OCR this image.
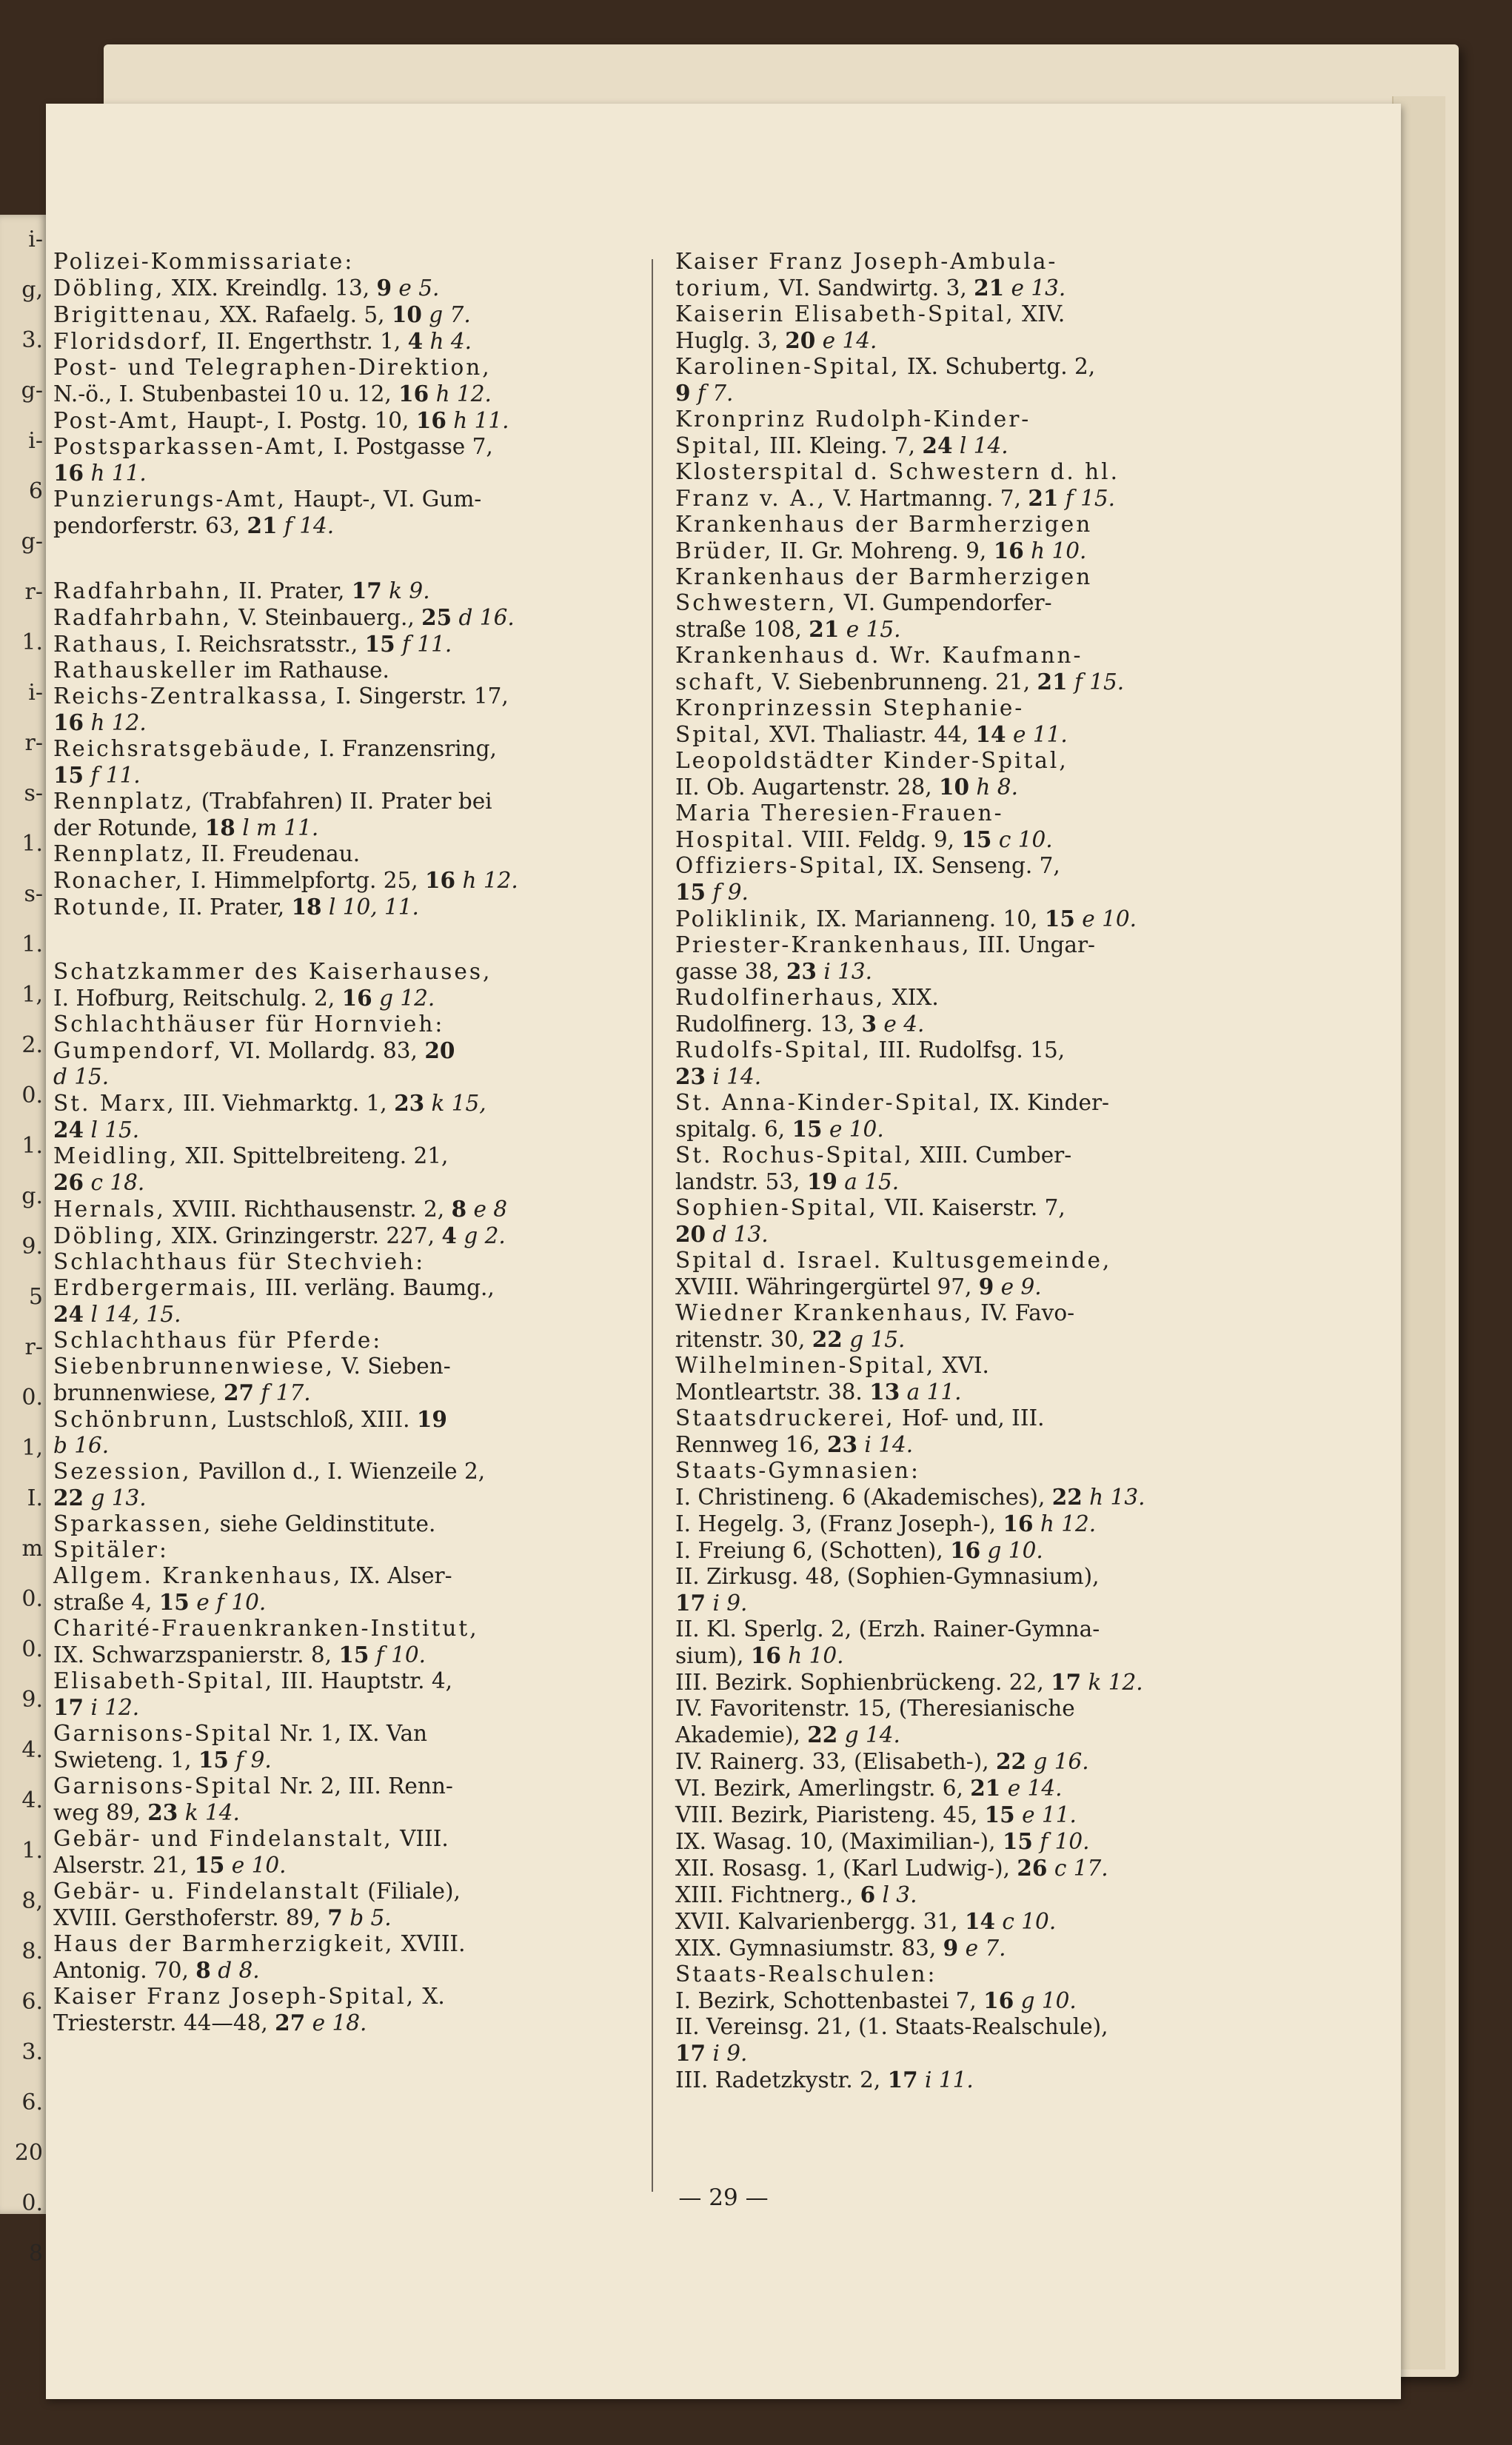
i-
g,
3.
g-
i-
6
g-
r-
1.
i-
r-
s-
1.
s-
1.
1,
2.
0.
1.
g.
9.
5
r-
0.
1,
I.
m
0.
0.
9.
4.
4.
1.
8,
8.
6.
3.
6.
20
0.
8
Polizei-Kommissariate:
Döbling, XIX. Kreindlg. 13, 9 e 5.
Brigittenau, XX. Rafaelg. 5, 10 g 7.
Floridsdorf, II. Engerthstr. 1, 4 h 4.
Post- und Telegraphen-Direktion,
N.-ö., I. Stubenbastei 10 u. 12, 16 h 12.
Post-Amt, Haupt-, I. Postg. 10, 16 h 11.
Postsparkassen-Amt, I. Postgasse 7,
16 h 11.
Punzierungs-Amt, Haupt-, VI. Gum-
pendorferstr. 63, 21 f 14.
Radfahrbahn, II. Prater, 17 k 9.
Radfahrbahn, V. Steinbauerg., 25 d 16.
Rathaus, I. Reichsratsstr., 15 f 11.
Rathauskeller im Rathause.
Reichs-Zentralkassa, I. Singerstr. 17,
16 h 12.
Reichsratsgebäude, I. Franzensring,
15 f 11.
Rennplatz, (Trabfahren) II. Prater bei
der Rotunde, 18 l m 11.
Rennplatz, II. Freudenau.
Ronacher, I. Himmelpfortg. 25, 16 h 12.
Rotunde, II. Prater, 18 l 10, 11.
Schatzkammer des Kaiserhauses,
I. Hofburg, Reitschulg. 2, 16 g 12.
Schlachthäuser für Hornvieh:
Gumpendorf, VI. Mollardg. 83, 20
d 15.
St. Marx, III. Viehmarktg. 1, 23 k 15,
24 l 15.
Meidling, XII. Spittelbreiteng. 21,
26 c 18.
Hernals, XVIII. Richthausenstr. 2, 8 e 8
Döbling, XIX. Grinzingerstr. 227, 4 g 2.
Schlachthaus für Stechvieh:
Erdbergermais, III. verläng. Baumg.,
24 l 14, 15.
Schlachthaus für Pferde:
Siebenbrunnenwiese, V. Sieben-
brunnenwiese, 27 f 17.
Schönbrunn, Lustschloß, XIII. 19
b 16.
Sezession, Pavillon d., I. Wienzeile 2,
22 g 13.
Sparkassen, siehe Geldinstitute.
Spitäler:
Allgem. Krankenhaus, IX. Alser-
straße 4, 15 e f 10.
Charité-Frauenkranken-Institut,
IX. Schwarzspanierstr. 8, 15 f 10.
Elisabeth-Spital, III. Hauptstr. 4,
17 i 12.
Garnisons-Spital Nr. 1, IX. Van
Swieteng. 1, 15 f 9.
Garnisons-Spital Nr. 2, III. Renn-
weg 89, 23 k 14.
Gebär- und Findelanstalt, VIII.
Alserstr. 21, 15 e 10.
Gebär- u. Findelanstalt (Filiale),
XVIII. Gersthoferstr. 89, 7 b 5.
Haus der Barmherzigkeit, XVIII.
Antonig. 70, 8 d 8.
Kaiser Franz Joseph-Spital, X.
Triesterstr. 44—48, 27 e 18.
Kaiser Franz Joseph-Ambula-
torium, VI. Sandwirtg. 3, 21 e 13.
Kaiserin Elisabeth-Spital, XIV.
Huglg. 3, 20 e 14.
Karolinen-Spital, IX. Schubertg. 2,
9 f 7.
Kronprinz Rudolph-Kinder-
Spital, III. Kleing. 7, 24 l 14.
Klosterspital d. Schwestern d. hl.
Franz v. A., V. Hartmanng. 7, 21 f 15.
Krankenhaus der Barmherzigen
Brüder, II. Gr. Mohreng. 9, 16 h 10.
Krankenhaus der Barmherzigen
Schwestern, VI. Gumpendorfer-
straße 108, 21 e 15.
Krankenhaus d. Wr. Kaufmann-
schaft, V. Siebenbrunneng. 21, 21 f 15.
Kronprinzessin Stephanie-
Spital, XVI. Thaliastr. 44, 14 e 11.
Leopoldstädter Kinder-Spital,
II. Ob. Augartenstr. 28, 10 h 8.
Maria Theresien-Frauen-
Hospital. VIII. Feldg. 9, 15 c 10.
Offiziers-Spital, IX. Senseng. 7,
15 f 9.
Poliklinik, IX. Marianneng. 10, 15 e 10.
Priester-Krankenhaus, III. Ungar-
gasse 38, 23 i 13.
Rudolfinerhaus, XIX.
Rudolfinerg. 13, 3 e 4.
Rudolfs-Spital, III. Rudolfsg. 15,
23 i 14.
St. Anna-Kinder-Spital, IX. Kinder-
spitalg. 6, 15 e 10.
St. Rochus-Spital, XIII. Cumber-
landstr. 53, 19 a 15.
Sophien-Spital, VII. Kaiserstr. 7,
20 d 13.
Spital d. Israel. Kultusgemeinde,
XVIII. Währingergürtel 97, 9 e 9.
Wiedner Krankenhaus, IV. Favo-
ritenstr. 30, 22 g 15.
Wilhelminen-Spital, XVI.
Montleartstr. 38. 13 a 11.
Staatsdruckerei, Hof- und, III.
Rennweg 16, 23 i 14.
Staats-Gymnasien:
I. Christineng. 6 (Akademisches), 22 h 13.
I. Hegelg. 3, (Franz Joseph-), 16 h 12.
I. Freiung 6, (Schotten), 16 g 10.
II. Zirkusg. 48, (Sophien-Gymnasium),
17 i 9.
II. Kl. Sperlg. 2, (Erzh. Rainer-Gymna-
sium), 16 h 10.
III. Bezirk. Sophienbrückeng. 22, 17 k 12.
IV. Favoritenstr. 15, (Theresianische
Akademie), 22 g 14.
IV. Rainerg. 33, (Elisabeth-), 22 g 16.
VI. Bezirk, Amerlingstr. 6, 21 e 14.
VIII. Bezirk, Piaristeng. 45, 15 e 11.
IX. Wasag. 10, (Maximilian-), 15 f 10.
XII. Rosasg. 1, (Karl Ludwig-), 26 c 17.
XIII. Fichtnerg., 6 l 3.
XVII. Kalvarienbergg. 31, 14 c 10.
XIX. Gymnasiumstr. 83, 9 e 7.
Staats-Realschulen:
I. Bezirk, Schottenbastei 7, 16 g 10.
II. Vereinsg. 21, (1. Staats-Realschule),
17 i 9.
III. Radetzkystr. 2, 17 i 11.
— 29 —
